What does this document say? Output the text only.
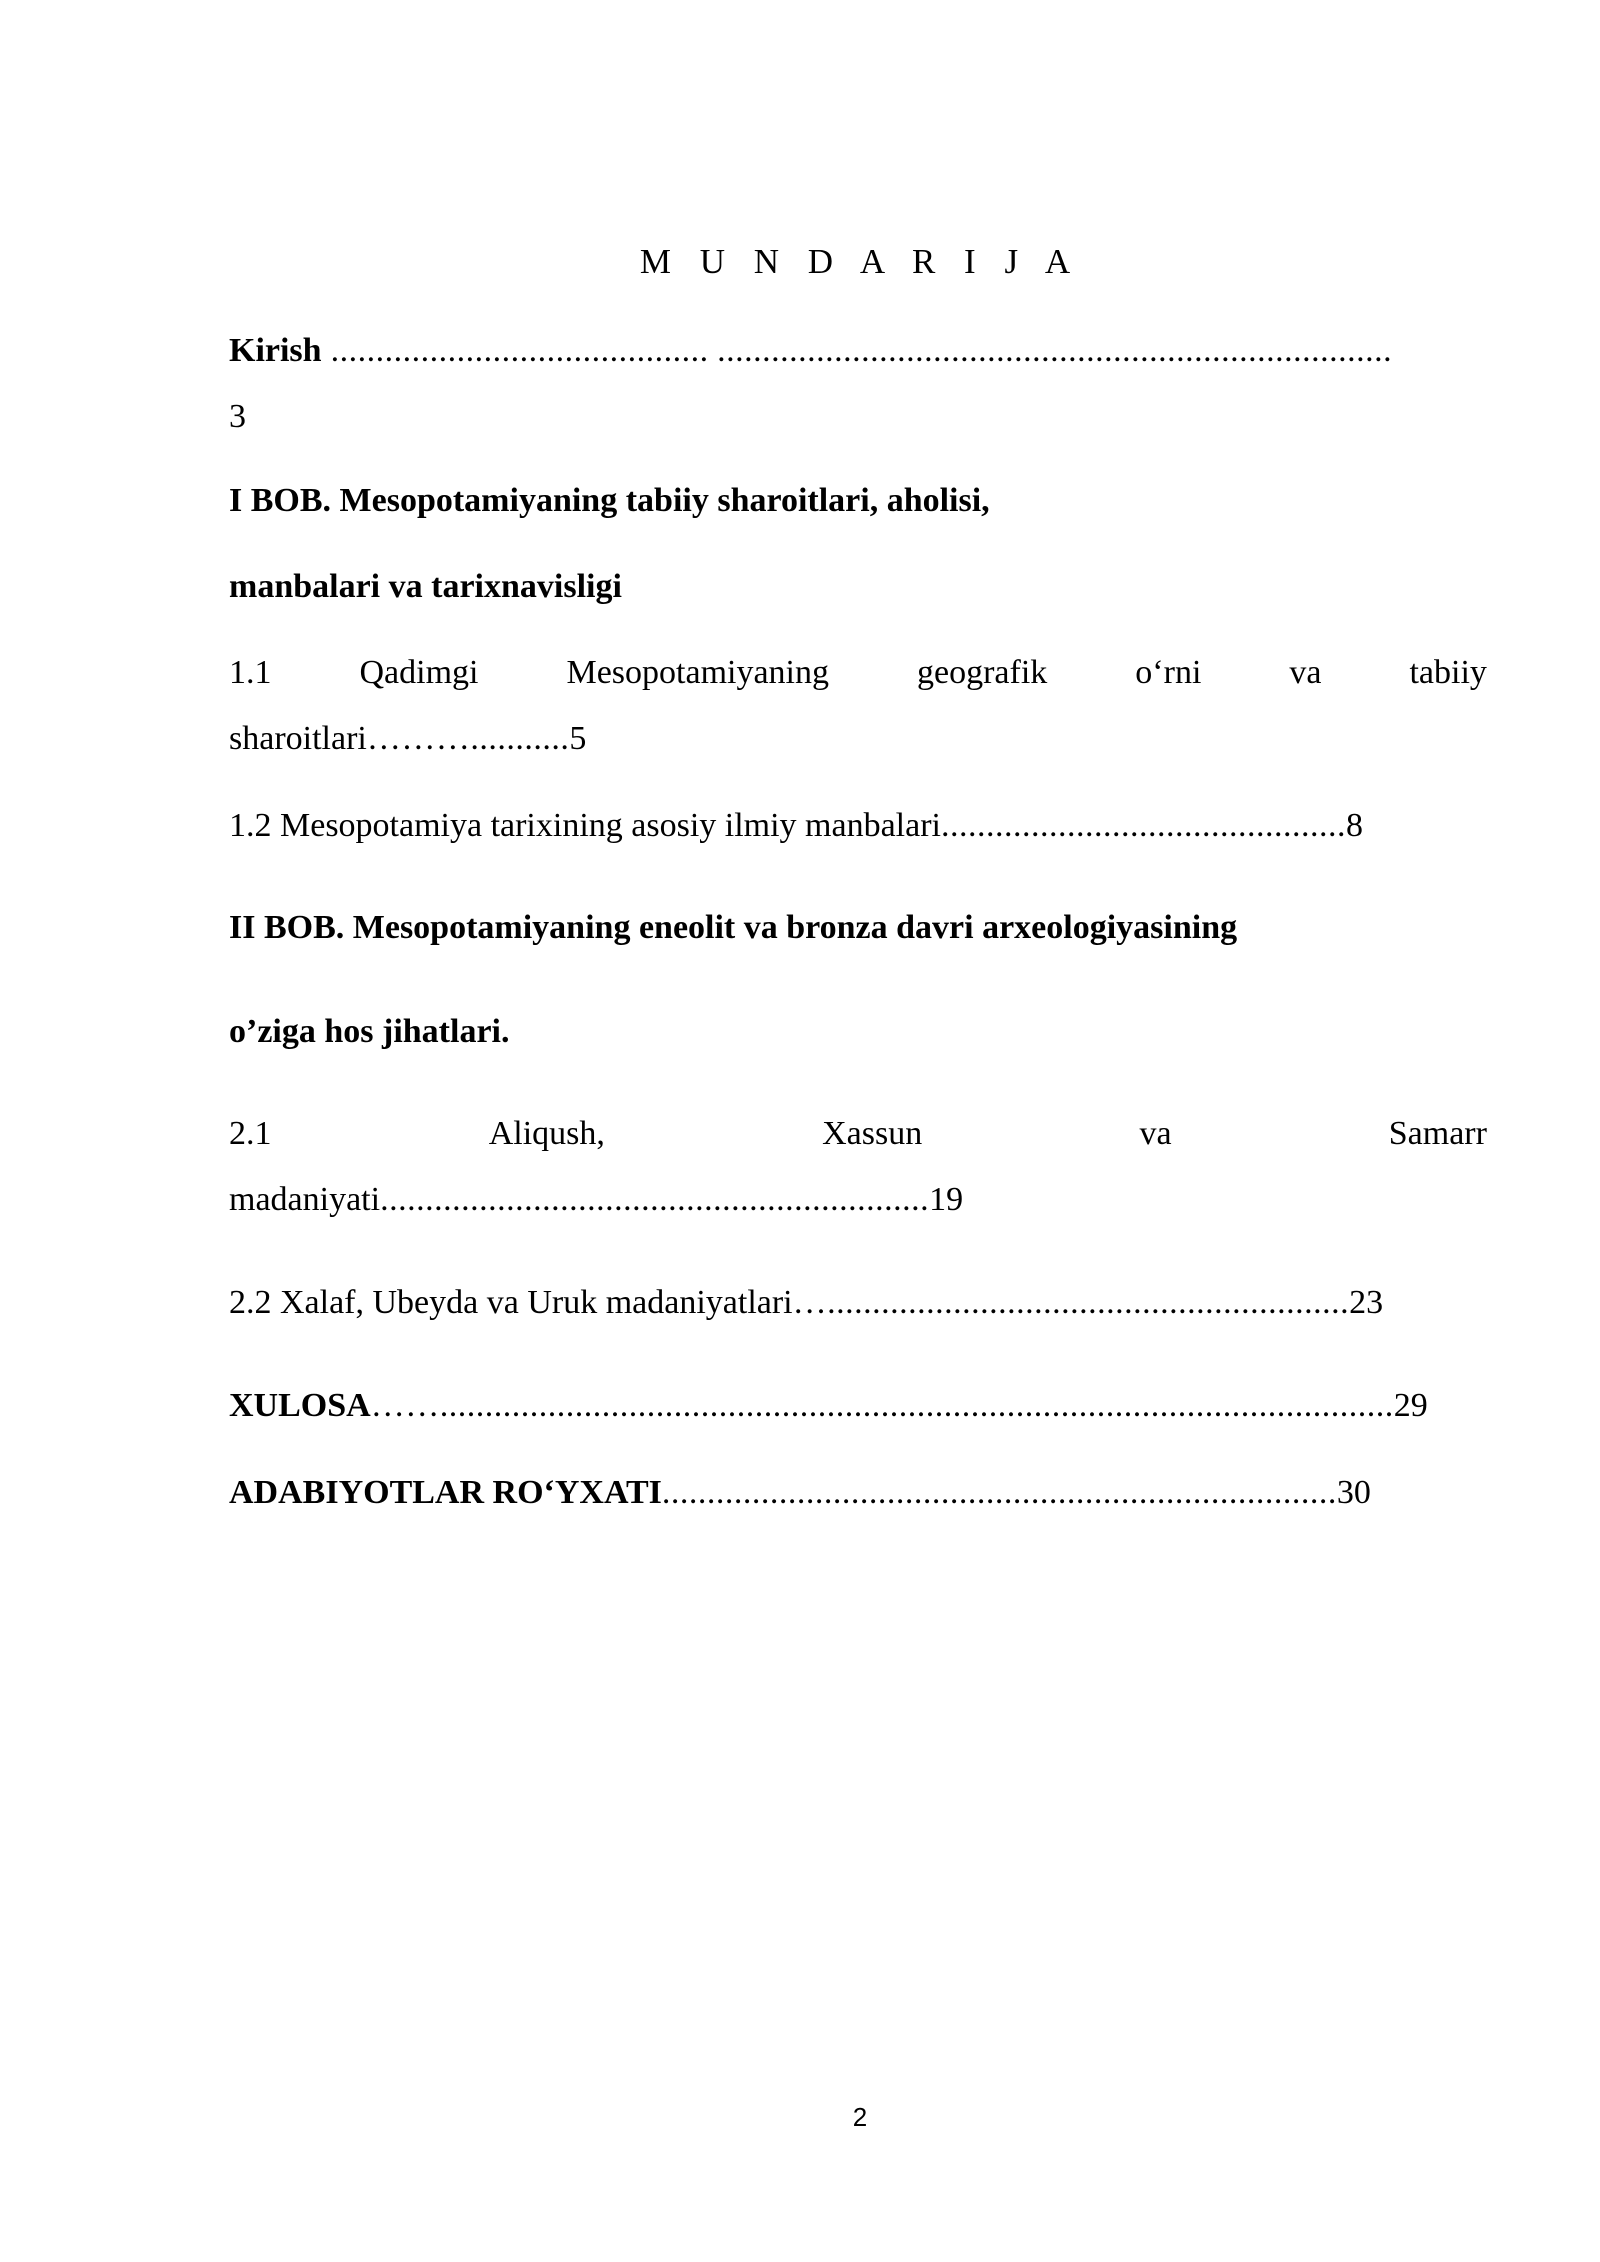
M U N D A R I J A
Kirish .......................................... ...........................................................................
3
I BOB. Mesopotamiyaning tabiiy sharoitlari, aholisi,
manbalari va tarixnavisligi
1.1	Qadimgi	Mesopotamiyaning	geografik	o‘rni	va	tabiiy
sharoitlari………...........5
1.2 Mesopotamiya tarixining asosiy ilmiy manbalari.............................................8
II BOB. Mesopotamiyaning eneolit va bronza davri arxeologiyasining
o’ziga hos jihatlari.
2.1	Aliqush,	Xassun	va	Samarr
madaniyati.............................................................19
2.2 Xalaf, Ubeyda va Uruk madaniyatlari…..........................................................23
XULOSA……..........................................................................................................29
ADABIYOTLAR RO‘YXATI...........................................................................30
2
